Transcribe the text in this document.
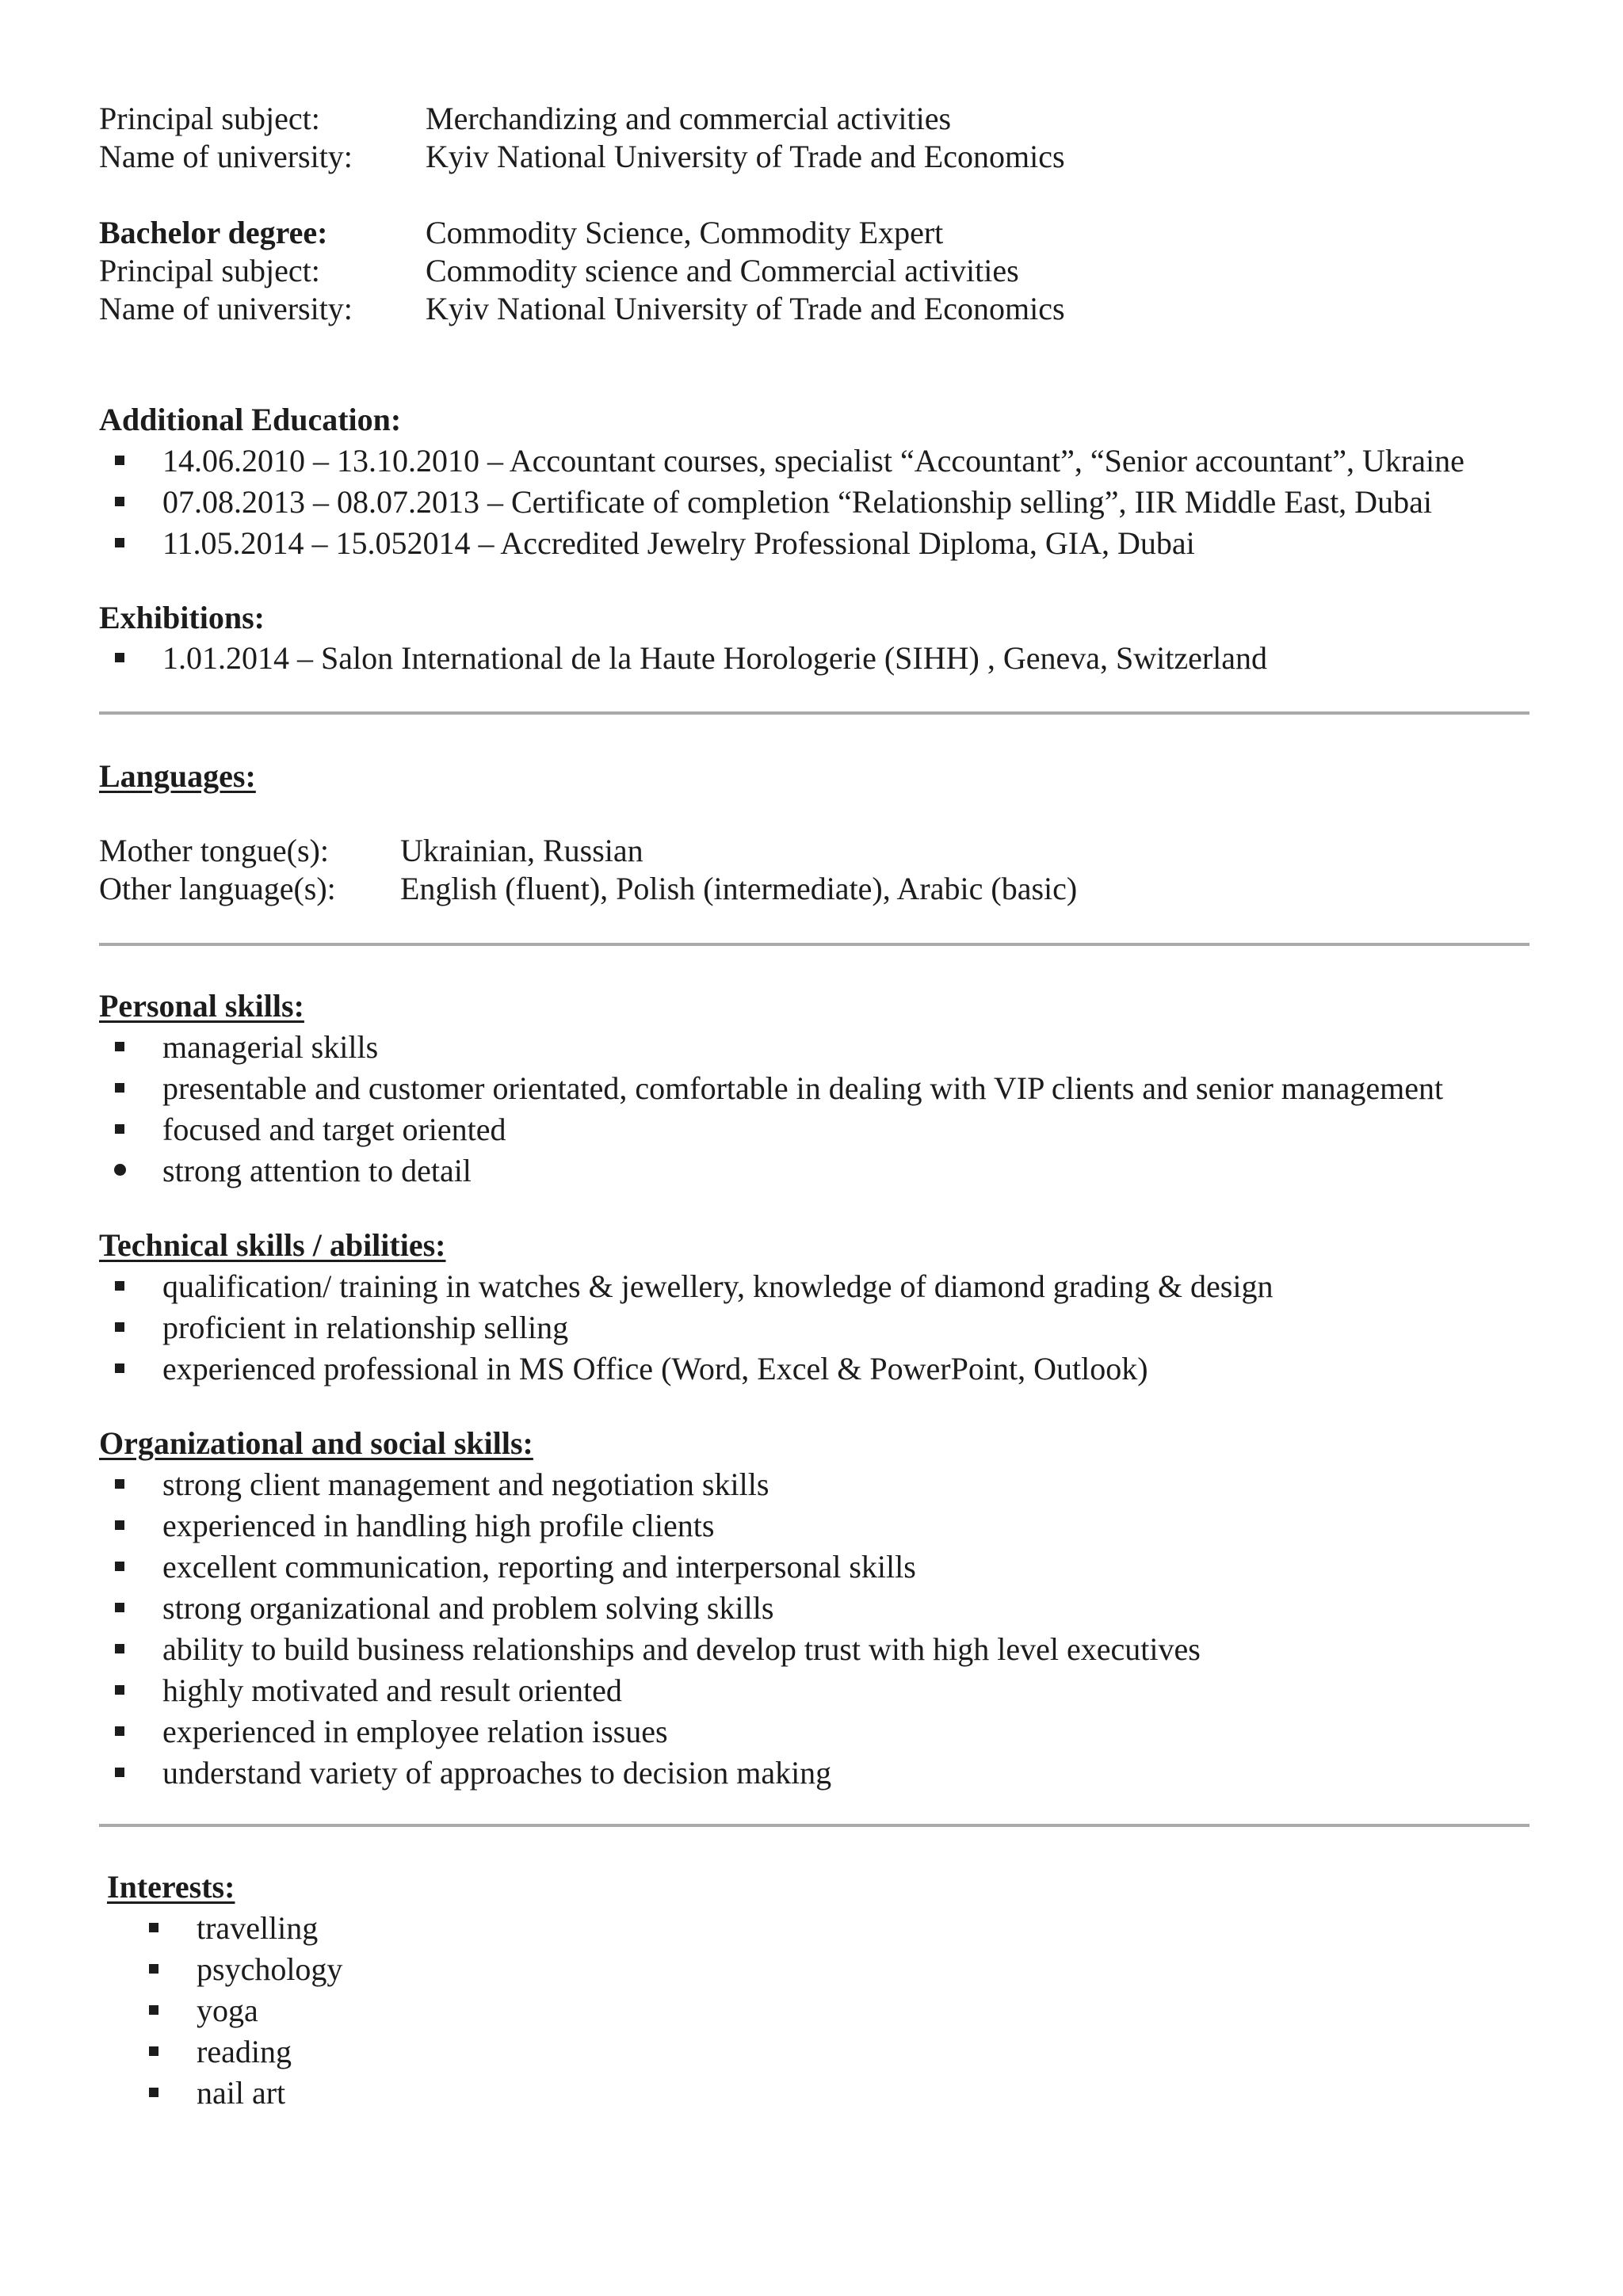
Principal subject:	Merchandizing and commercial activities
Name of university: Kyiv National University of Trade and Economics
Bachelor degree:	Commodity Science, Commodity Expert
Principal subject:	Commodity science and Commercial activities
Name of university: Kyiv National University of Trade and Economics
Additional Education:
14.06.2010 – 13.10.2010 – Accountant courses, specialist “Accountant”, “Senior accountant”, Ukraine
07.08.2013 – 08.07.2013 – Certificate of completion “Relationship selling”, IIR Middle East, Dubai
11.05.2014 – 15.052014 – Accredited Jewelry Professional Diploma, GIA, Dubai
Exhibitions:
1.01.2014 – Salon International de la Haute Horologerie (SIHH) , Geneva, Switzerland
Languages:
Mother tongue(s): Ukrainian, Russian
Other language(s): English (fluent), Polish (intermediate), Arabic (basic)
Personal skills:
managerial skills
presentable and customer orientated, comfortable in dealing with VIP clients and senior management
focused and target oriented
strong attention to detail
Technical skills / abilities:
qualification/ training in watches & jewellery, knowledge of diamond grading & design
proficient in relationship selling
experienced professional in MS Office (Word, Excel & PowerPoint, Outlook)
Organizational and social skills:
strong client management and negotiation skills
experienced in handling high profile clients
excellent communication, reporting and interpersonal skills
strong organizational and problem solving skills
ability to build business relationships and develop trust with high level executives
highly motivated and result oriented
experienced in employee relation issues
understand variety of approaches to decision making
Interests:
travelling
psychology
yoga
reading
nail art
